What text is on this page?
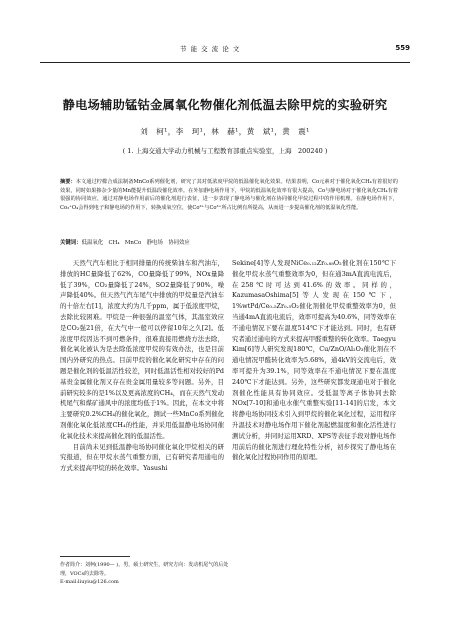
节 能 交 流 论 文	559
静电场辅助锰钴金属氧化物催化剂低温去除甲烷的实验研究
刘　柯¹，李　珂¹，林　赫¹，黄　斌¹，黄　震¹
( 1. 上海交通大学动力机械与工程教育部重点实验室，上海　200240 )
摘要：本文通过柠檬合成法制备MnCo系列催化剂，研究了其对低浓度甲烷的低温催化氧化效果。结果表明，Co元素对于催化氧化CH₄有着很好的效果，同时如果掺杂少量的Mn能提升低温段催化效率。在外加静电场作用下，甲烷的低温氧化效率有很大提高，Co与静电场对于催化氧化CH₄有着很强的协同效应，通过对静电场作用前后的催化剂进行表征，进一步表现了静电场与催化剂在协同催化甲烷过程中的作用机理。在静电场作用下，Co₃⁺O₄会得到电子和静电场的作用下，转换成氧空位，使Co²⁺与Co³⁺所占比例有所提高，从而进一步提高催化剂的低温氧化性能。
关键词：低温氧化　CH₄　MnCo　静电场　协同效应

天然气汽车相比于相同排量的传统柴油车和汽油车，排放的HC量降低了62%，CO量降低了99%，NOx量降低了39%，CO₂量降低了24%，SO2量降低了90%，噪声降低40%。但天然气汽车尾气中排放的甲烷量是汽油车的十倍左右[1]，浓度大约为几千ppm，属于低浓度甲烷，去除比较困难。甲烷是一种很强的温室气体，其温室效应是CO₂强21倍，在大气中一般可以停留10年之久[2]。低浓度甲烷因达不到可燃条件，很难直接用燃烧方法去除，催化氧化被认为是去除低浓度甲烷的有效办法，也是目前国内外研究的热点。目前甲烷的催化氧化研究中存在的问题是催化剂的低温活性较差，同时低温活性相对较好的Pd基贵金属催化剂又存在贵金属用量较多等问题。另外，目前研究较多的是1%以及更高浓度的CH₄，而在天然气发动机尾气和煤矿通风中的浓度均低于1%。因此，在本文中将主要研究0.2%CH₄的催化氧化，测试一些MnCo系列催化剂催化氧化低浓度CH₄的性能，并采用低温静电场协同催化氧化技术来提高催化剂的低温活性。

目前尚未见到低温静电场协同催化氧化甲烷相关的研究报道，但在甲烷水蒸气重整方面，已有研究者用通电的方式来提高甲烷的转化效率。Yasushi

Sekine[4]等人发现NiCe₀.₁₂Zr₀.₈₈O₂催化剂在150℃下催化甲烷水蒸气重整效率为0，但在通3mA直流电流后，在258℃时可达到41.6%的效率。同样的，KazumasaOshima[5]等人发现在150℃下，1%wtPd/Ce₀.₅Zr₀.₅O₂催化剂催化甲烷重整效率为0，但当通4mA直流电流后，效率可提高为40.6%，同等效率在不通电情况下要在温度514℃下才能达到。同时，也有研究者通过通电的方式来提高甲醛重整的转化效率。Taegyu Kim[6]等人研究发现180℃，Cu/ZnO/Al₂O₃催化剂在不通电情况甲醛转化效率为5.68%，通4kV的交流电后，效率可提升为39.1%，同等效率在不通电情况下要在温度240℃下才能达到。另外，这些研究都发现通电对于催化剂催化性能具有协同效应。受低温等离子体协同去除NOx[7-10]和通电水催气重整实验[11-14]的启发，本文将静电场协同技术引入到甲烷的催化氧化过程，运用程序升温技术对静电场作用下催化剂起燃温度和催化活性进行测试分析，并同时运用XRD、XPS等表征手段对静电场作用前后的催化剂进行理化特性分析，初步探究了静电场在催化氧化过程协同作用的原理。

作者简介：刘柯(1990— )，男，硕士研究生，研究方向：发动机尾气的后处理，VOCs的去除等。
E-mail:liuyiu@126.com
